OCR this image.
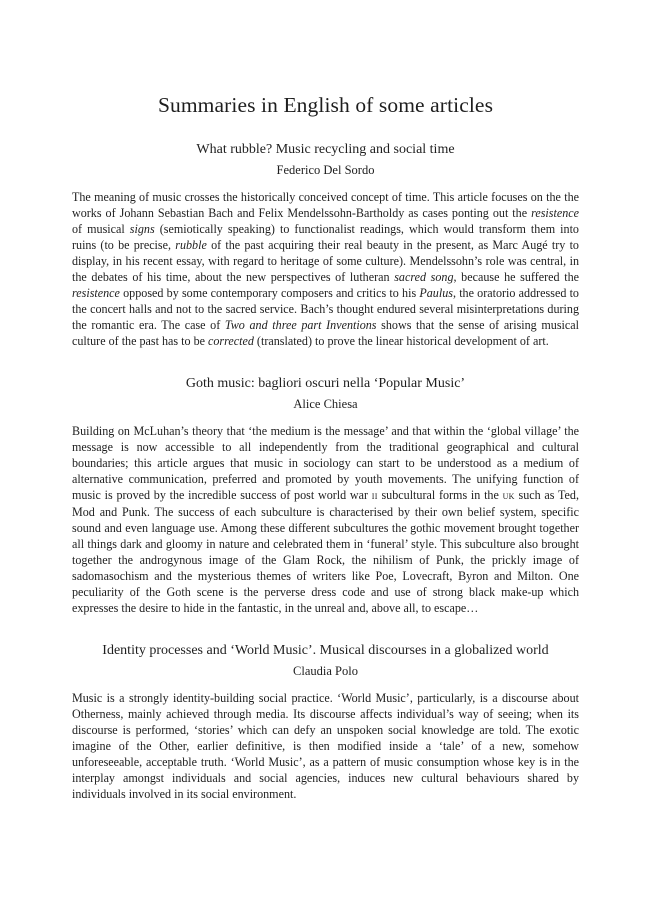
Summaries in English of some articles
What rubble? Music recycling and social time

Federico Del Sordo

The meaning of music crosses the historically conceived concept of time. This article focuses on the the works of Johann Sebastian Bach and Felix Mendelssohn-Bartholdy as cases ponting out the resistence of musical signs (semiotically speaking) to functionalist readings, which would transform them into ruins (to be precise, rubble of the past acquiring their real beauty in the present, as Marc Augé try to display, in his recent essay, with regard to heritage of some culture). Mendelssohn’s role was central, in the debates of his time, about the new perspectives of lutheran sacred song, because he suffered the resistence opposed by some contemporary composers and critics to his Paulus, the oratorio addressed to the concert halls and not to the sacred service. Bach’s thought endured several misinterpretations during the romantic era. The case of Two and three part Inventions shows that the sense of arising musical culture of the past has to be corrected (translated) to prove the linear historical development of art.

Goth music: bagliori oscuri nella ‘Popular Music’

Alice Chiesa

Building on McLuhan’s theory that ‘the medium is the message’ and that within the ‘global village’ the message is now accessible to all independently from the traditional geographical and cultural boundaries; this article argues that music in sociology can start to be understood as a medium of alternative communication, preferred and promoted by youth movements. The unifying function of music is proved by the incredible success of post world war ii subcultural forms in the uk such as Ted, Mod and Punk. The success of each subculture is characterised by their own belief system, specific sound and even language use. Among these different subcultures the gothic movement brought together all things dark and gloomy in nature and celebrated them in ‘funeral’ style. This subculture also brought together the androgynous image of the Glam Rock, the nihilism of Punk, the prickly image of sadomasochism and the mysterious themes of writers like Poe, Lovecraft, Byron and Milton. One peculiarity of the Goth scene is the perverse dress code and use of strong black make-up which expresses the desire to hide in the fantastic, in the unreal and, above all, to escape…

Identity processes and ‘World Music’. Musical discourses in a globalized world

Claudia Polo

Music is a strongly identity-building social practice. ‘World Music’, particularly, is a discourse about Otherness, mainly achieved through media. Its discourse affects individual’s way of seeing; when its discourse is performed, ‘stories’ which can defy an unspoken social knowledge are told. The exotic imagine of the Other, earlier definitive, is then modified inside a ‘tale’ of a new, somehow unforeseeable, acceptable truth. ‘World Music’, as a pattern of music consumption whose key is in the interplay amongst individuals and social agencies, induces new cultural behaviours shared by individuals involved in its social environment.
